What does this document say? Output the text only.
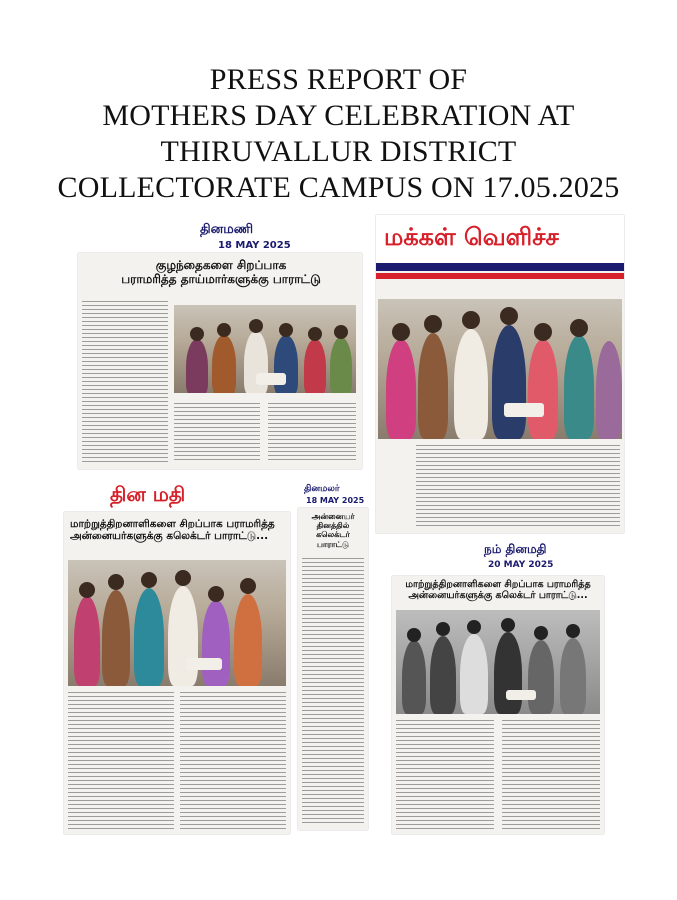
PRESS REPORT OF
MOTHERS DAY CELEBRATION AT
THIRUVALLUR DISTRICT
COLLECTORATE CAMPUS ON 17.05.2025
குழந்தைகளை சிறப்பாக
பராமரித்த தாய்மார்களுக்கு பாராட்டு
18 MAY 2025
தினமணி	மக்கள் வெளிச்ச
மாற்றுத்திறனாளிகளை சிறப்பாக பராமரித்த
அன்னையர்களுக்கு கலெக்டர் பாராட்டு...
தின மதி
அன்னையர்
தினத்தில்
கலெக்டர்
பாராட்டு
தினமலர்
18 MAY 2025
மாற்றுத்திறனாளிகளை சிறப்பாக பராமரித்த
அன்னையர்களுக்கு கலெக்டர் பாராட்டு...
நம் தினமதி
20 MAY 2025
